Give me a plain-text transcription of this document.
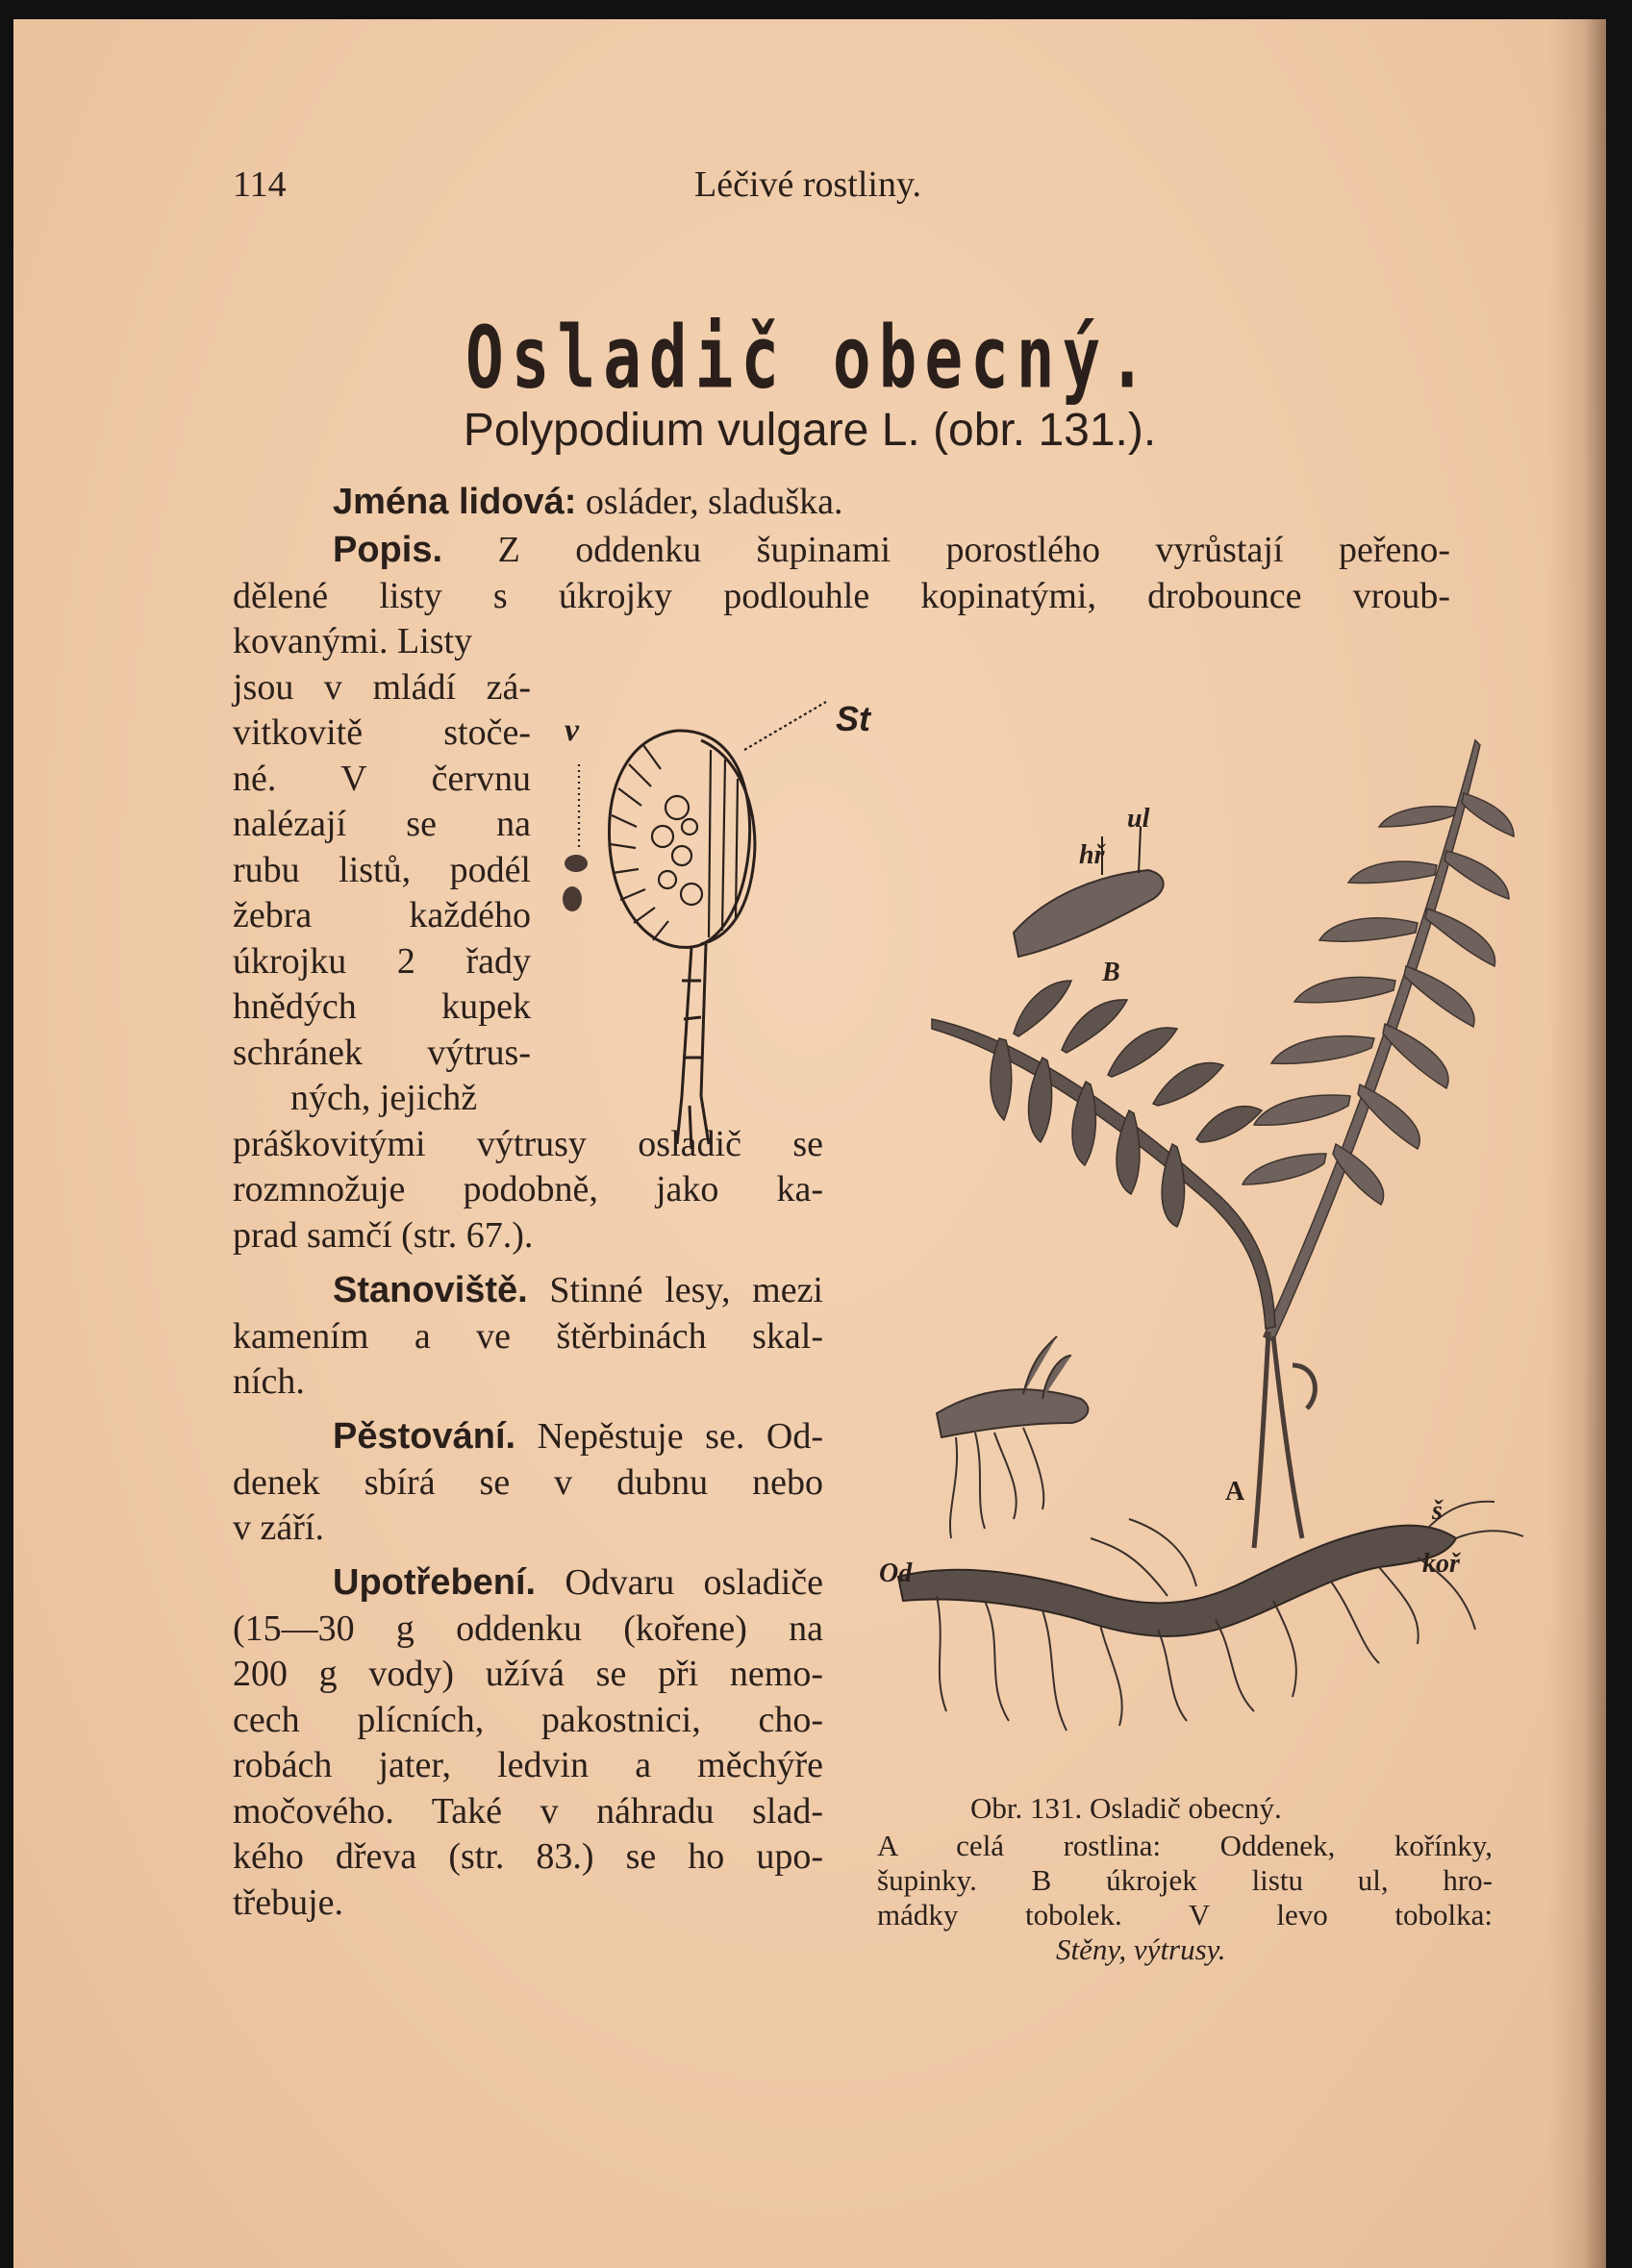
114	Léčivé rostliny.
Osladič obecný.
Polypodium vulgare L. (obr. 131.).
Jména lidová: osláder, sladuška.
Popis. Z oddenku šupinami porostlého vyrůstají peřeno-
dělené listy s úkrojky podlouhle kopinatými, drobounce vroub-
kovanými. Listy
jsou v mládí zá-
vitkovitě stoče-
né. V červnu
nalézají se na
rubu listů, podél
žebra každého
úkrojku 2 řady
hnědých kupek
schránek výtrus-
ných, jejichž
práškovitými výtrusy osladič se
rozmnožuje podobně, jako ka-
prad samčí (str. 67.).
Stanoviště. Stinné lesy, mezi
kamením a ve štěrbinách skal-
ních.
Pěstování. Nepěstuje se. Od-
denek sbírá se v dubnu nebo
v září.
Upotřebení. Odvaru osladiče
(15—30 g oddenku (kořene) na
200 g vody) užívá se při nemo-
cech plícních, pakostnici, cho-
robách jater, ledvin a měchýře
močového. Také v náhradu slad-
kého dřeva (str. 83.) se ho upo-
třebuje.
v	St
hř
ul
B
Od
A
š
koř
Obr. 131. Osladič obecný.
A celá rostlina: Oddenek, kořínky,
šupinky. B úkrojek listu ul, hro-
mádky tobolek. V levo tobolka:
Stěny, výtrusy.
